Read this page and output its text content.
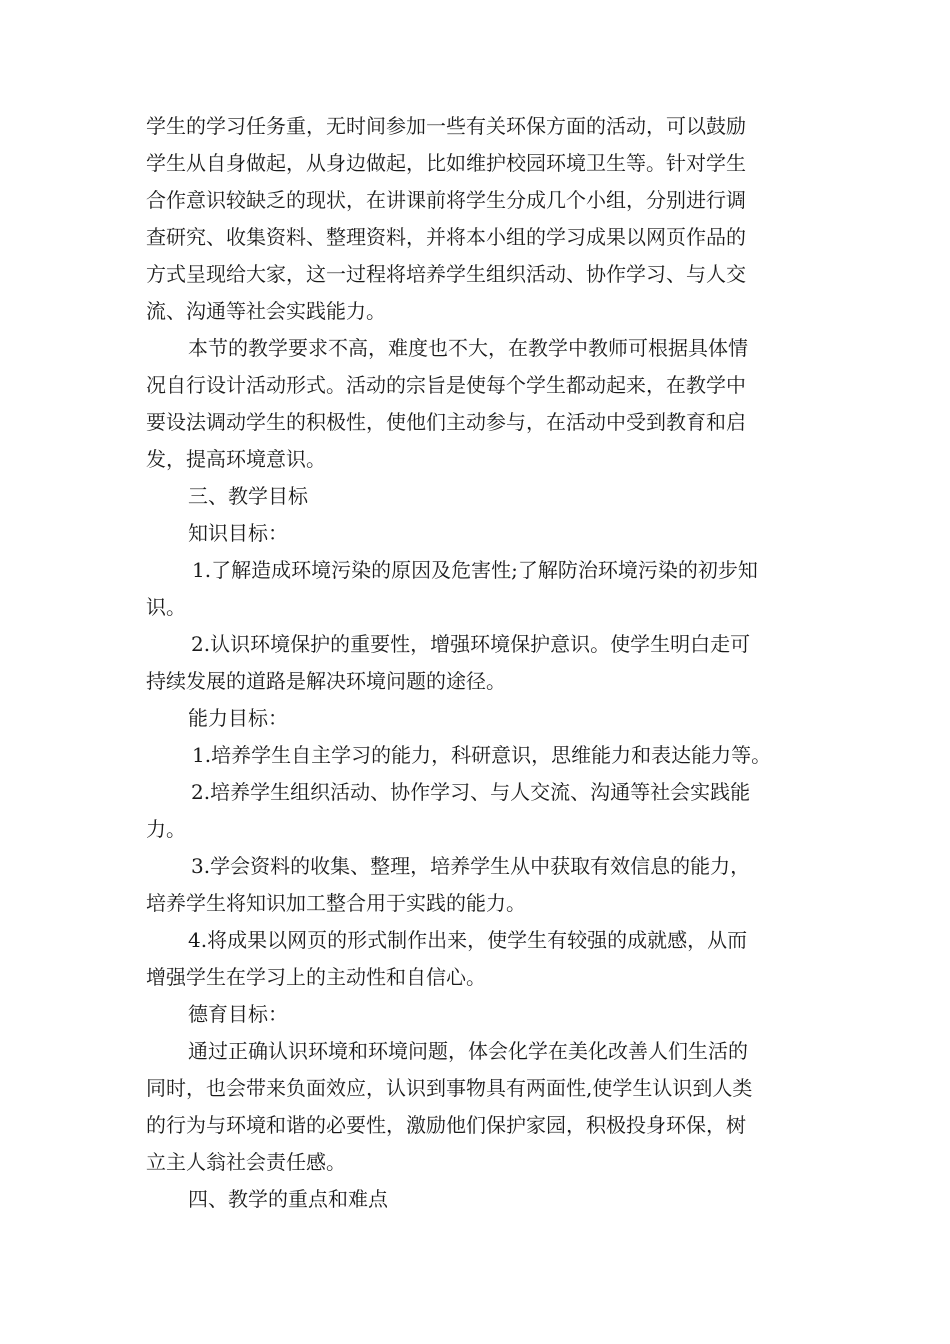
学生的学习任务重，无时间参加一些有关环保方面的活动，可以鼓励
学生从自身做起，从身边做起，比如维护校园环境卫生等。针对学生
合作意识较缺乏的现状，在讲课前将学生分成几个小组，分别进行调
查研究、收集资料、整理资料，并将本小组的学习成果以网页作品的
方式呈现给大家，这一过程将培养学生组织活动、协作学习、与人交
流、沟通等社会实践能力。
本节的教学要求不高，难度也不大，在教学中教师可根据具体情
况自行设计活动形式。活动的宗旨是使每个学生都动起来，在教学中
要设法调动学生的积极性，使他们主动参与，在活动中受到教育和启
发，提高环境意识。
三、教学目标
知识目标：
1.了解造成环境污染的原因及危害性;了解防治环境污染的初步知
识。
2.认识环境保护的重要性，增强环境保护意识。使学生明白走可
持续发展的道路是解决环境问题的途径。
能力目标：
1.培养学生自主学习的能力，科研意识，思维能力和表达能力等。
2.培养学生组织活动、协作学习、与人交流、沟通等社会实践能
力。
3.学会资料的收集、整理，培养学生从中获取有效信息的能力，
培养学生将知识加工整合用于实践的能力。
4.将成果以网页的形式制作出来，使学生有较强的成就感，从而
增强学生在学习上的主动性和自信心。
德育目标：
通过正确认识环境和环境问题，体会化学在美化改善人们生活的
同时，也会带来负面效应，认识到事物具有两面性,使学生认识到人类
的行为与环境和谐的必要性，激励他们保护家园，积极投身环保，树
立主人翁社会责任感。
四、教学的重点和难点
